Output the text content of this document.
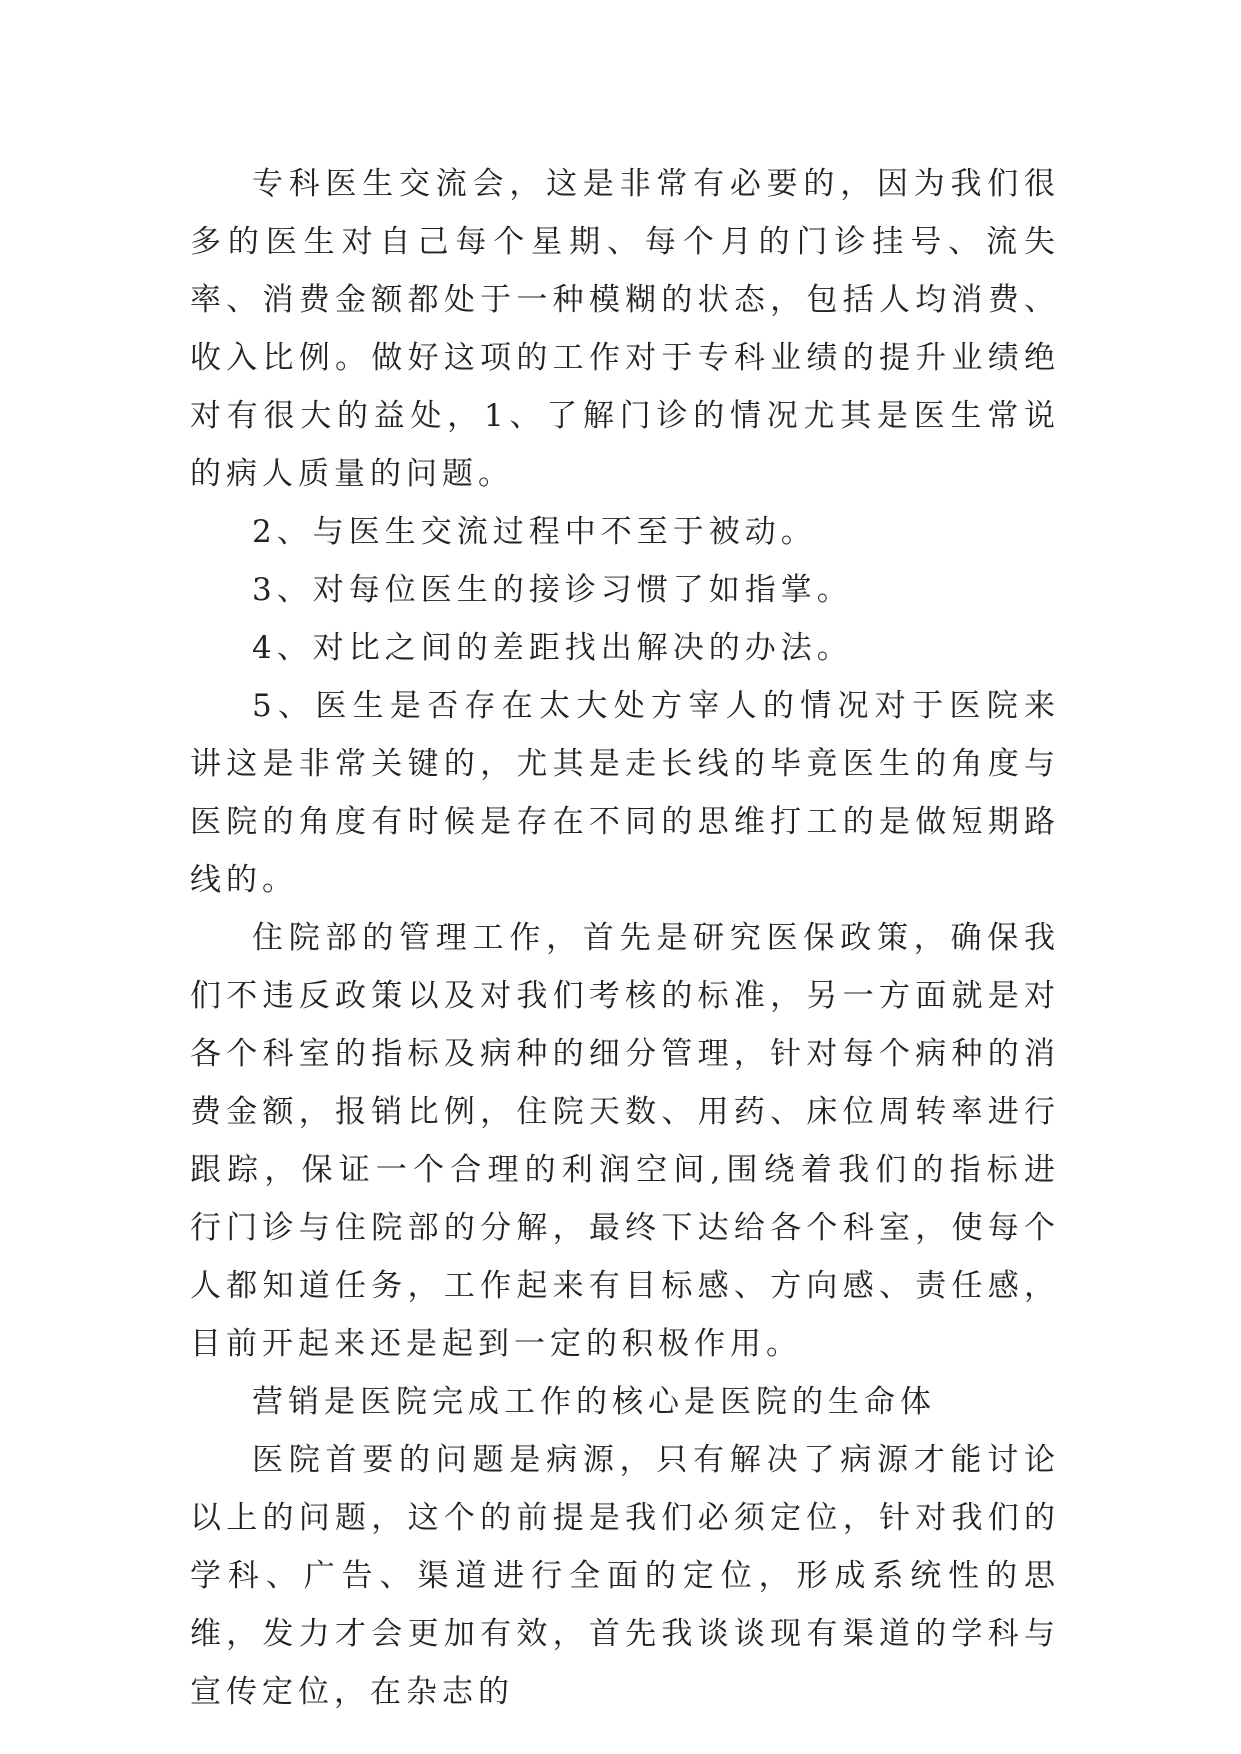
专科医生交流会，这是非常有必要的，因为我们很多的医生对自己每个星期、每个月的门诊挂号、流失率、消费金额都处于一种模糊的状态，包括人均消费、收入比例。做好这项的工作对于专科业绩的提升业绩绝对有很大的益处，1、了解门诊的情况尤其是医生常说的病人质量的问题。

2、与医生交流过程中不至于被动。

3、对每位医生的接诊习惯了如指掌。

4、对比之间的差距找出解决的办法。

5、医生是否存在太大处方宰人的情况对于医院来讲这是非常关键的，尤其是走长线的毕竟医生的角度与医院的角度有时候是存在不同的思维打工的是做短期路线的。

住院部的管理工作，首先是研究医保政策，确保我们不违反政策以及对我们考核的标准，另一方面就是对各个科室的指标及病种的细分管理，针对每个病种的消费金额，报销比例，住院天数、用药、床位周转率进行跟踪，保证一个合理的利润空间,围绕着我们的指标进行门诊与住院部的分解，最终下达给各个科室，使每个人都知道任务，工作起来有目标感、方向感、责任感，目前开起来还是起到一定的积极作用。

营销是医院完成工作的核心是医院的生命体

医院首要的问题是病源，只有解决了病源才能讨论以上的问题，这个的前提是我们必须定位，针对我们的学科、广告、渠道进行全面的定位，形成系统性的思维，发力才会更加有效，首先我谈谈现有渠道的学科与宣传定位，在杂志的
